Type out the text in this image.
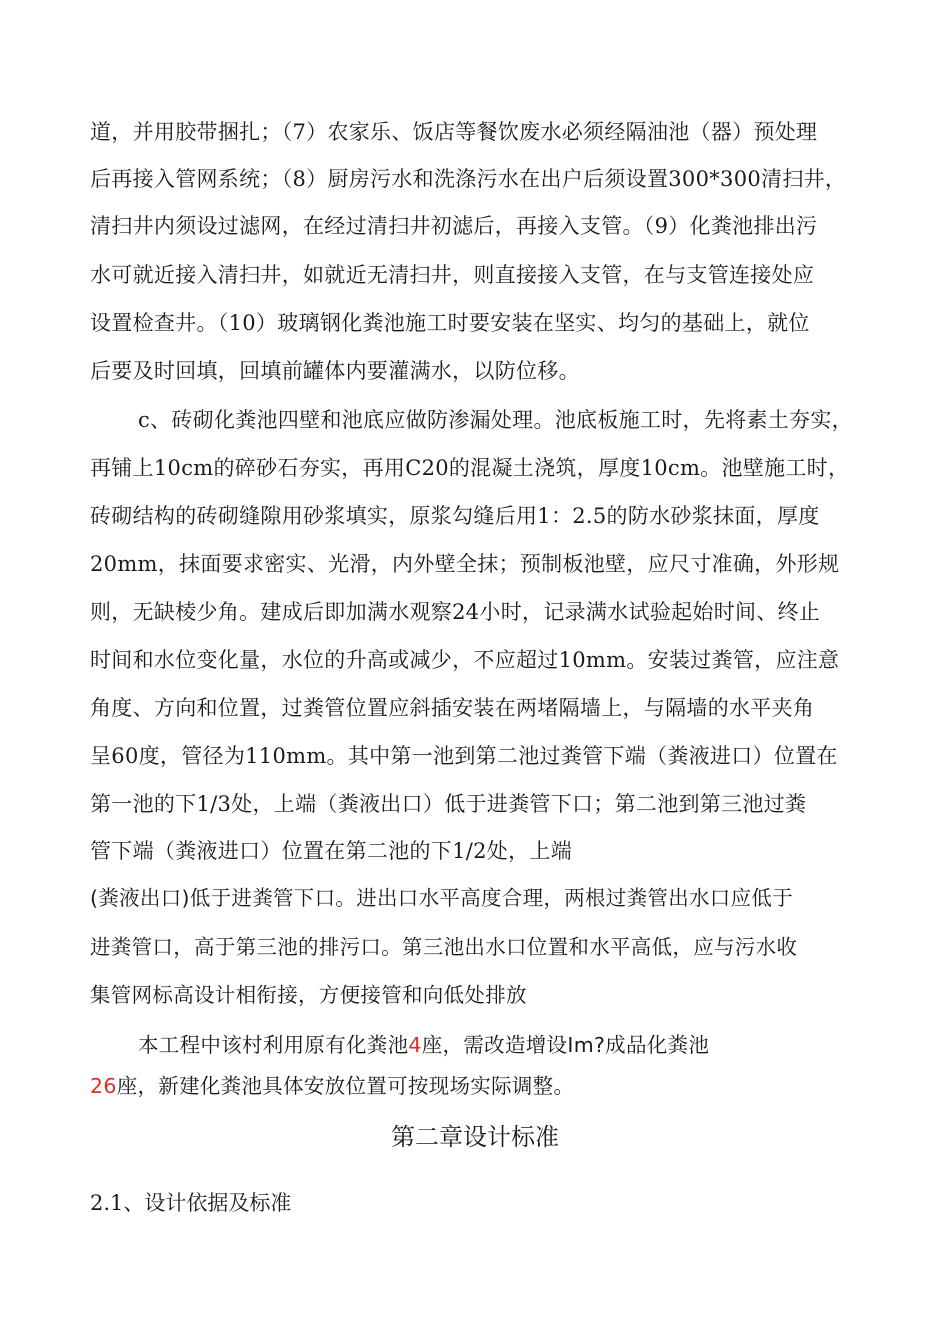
道，并用胶带捆扎；（7）农家乐、饭店等餐饮废水必须经隔油池（器）预处理
后再接入管网系统；（8）厨房污水和洗涤污水在出户后须设置300*300清扫井，
清扫井内须设过滤网，在经过清扫井初滤后，再接入支管。（9）化粪池排出污
水可就近接入清扫井，如就近无清扫井，则直接接入支管，在与支管连接处应
设置检查井。（10）玻璃钢化粪池施工时要安装在坚实、均匀的基础上，就位
后要及时回填，回填前罐体内要灌满水，以防位移。
c、砖砌化粪池四壁和池底应做防渗漏处理。池底板施工时，先将素土夯实，
再铺上10cm的碎砂石夯实，再用C20的混凝土浇筑，厚度10cm。池壁施工时，
砖砌结构的砖砌缝隙用砂浆填实，原浆勾缝后用1：2.5的防水砂浆抹面，厚度
20mm，抹面要求密实、光滑，内外壁全抹；预制板池壁，应尺寸准确，外形规
则，无缺棱少角。建成后即加满水观察24小时，记录满水试验起始时间、终止
时间和水位变化量，水位的升高或减少，不应超过10mm。安装过粪管，应注意
角度、方向和位置，过粪管位置应斜插安装在两堵隔墙上，与隔墙的水平夹角
呈60度，管径为110mm。其中第一池到第二池过粪管下端（粪液进口）位置在
第一池的下1/3处，上端（粪液出口）低于进粪管下口；第二池到第三池过粪
管下端（粪液进口）位置在第二池的下1/2处，上端
(粪液出口)低于进粪管下口。进出口水平高度合理，两根过粪管出水口应低于
进粪管口，高于第三池的排污口。第三池出水口位置和水平高低，应与污水收
集管网标高设计相衔接，方便接管和向低处排放
本工程中该村利用原有化粪池4座，需改造增设Im?成品化粪池
26座，新建化粪池具体安放位置可按现场实际调整。
第二章设计标准
2.1、设计依据及标准
